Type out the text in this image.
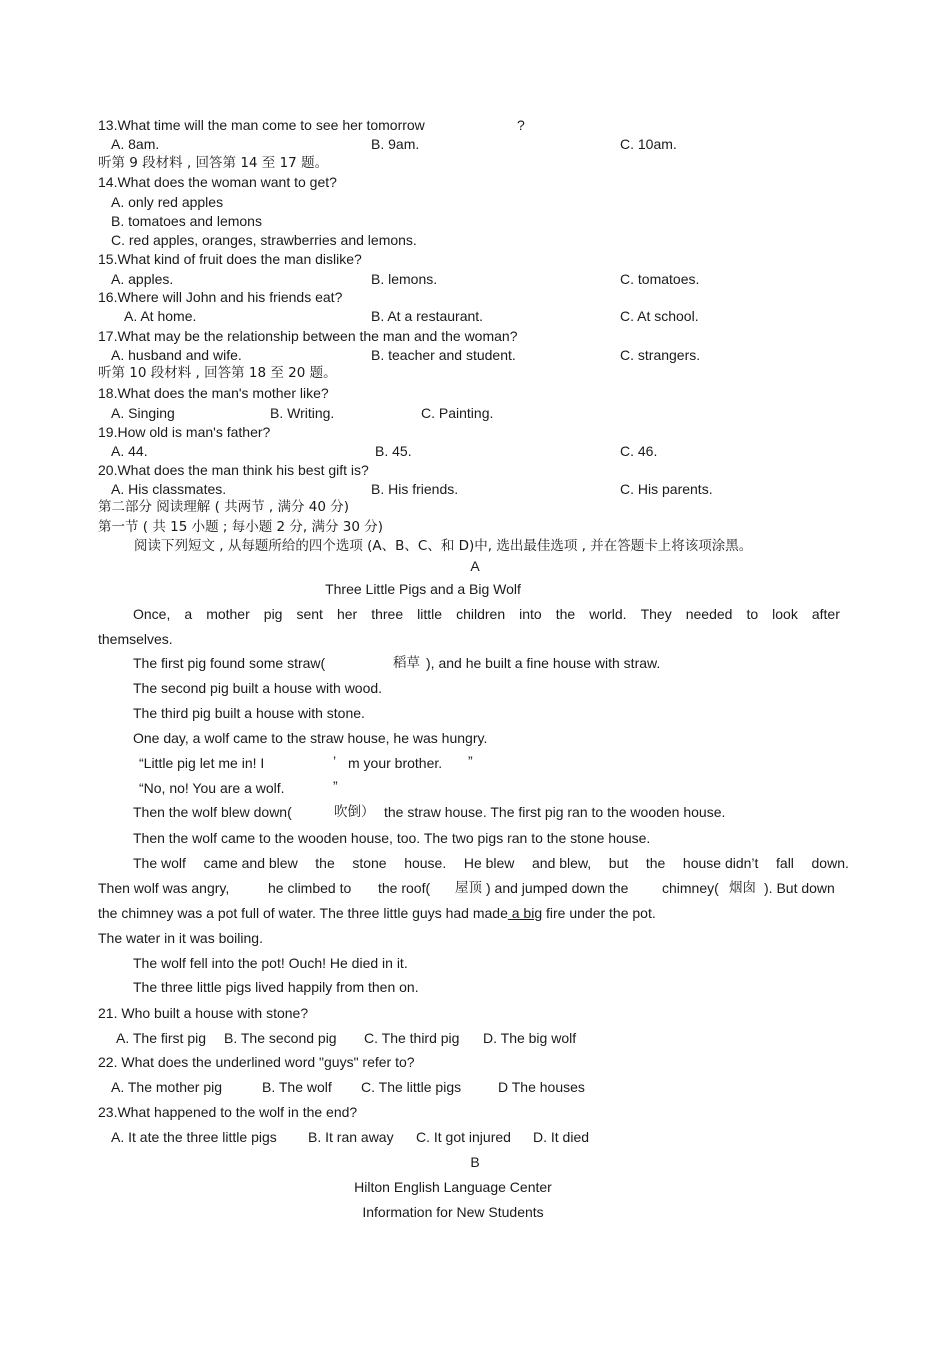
13.What time will the man come to see her tomorrow	?
A. 8am.	B. 9am.	C. 10am.
听第 9 段材料 , 回答第 14 至 17 题。
14.What does the woman want to get?
A. only red apples
B. tomatoes and lemons
C. red apples, oranges, strawberries and lemons.
15.What kind of fruit does the man dislike?
A. apples.	B. lemons.	C. tomatoes.
16.Where will John and his friends eat?
A. At home.	B. At a restaurant.	C. At school.
17.What may be the relationship between the man and the woman?
A. husband and wife.	B. teacher and student.	C. strangers.
听第 10 段材料 , 回答第 18 至 20 题。
18.What does the man's mother like?
A. Singing	B. Writing.	C. Painting.
19.How old is man's father?
A. 44.	B. 45.	C. 46.
20.What does the man think his best gift is?
A. His classmates.	B. His friends.	C. His parents.
第二部分 阅读理解 ( 共两节 , 满分 40 分)
第一节 ( 共 15 小题 ; 每小题 2 分, 满分 30 分)
阅读下列短文 , 从每题所给的四个选项 (A、B、C、和 D)中, 选出最佳选项 , 并在答题卡上将该项涂黑。
A
Three Little Pigs and a Big Wolf
Once, a mother pig sent her three little children into the world. They needed to look after
themselves.
The first pig found some straw(	稻草 ), and he built a fine house with straw.
The second pig built a house with wood.
The third pig built a house with stone.
One day, a wolf came to the straw house, he was hungry.
“Little pig let me in! I	’ m your brother. ”
“No, no! You are a wolf.	”
Then the wolf blew down(	吹倒） the straw house. The first pig ran to the wooden house.
Then the wolf came to the wooden house, too. The two pigs ran to the stone house.
The wolf came and blew the stone house. He blew and blew, but the house didn’t fall down.
Then wolf was angry,	he climbed to the roof( 屋顶 ) and jumped down the chimney( 烟囱 ). But down
the chimney was a pot full of water. The three little guys had made a big fire under the pot.
The water in it was boiling.
The wolf fell into the pot! Ouch! He died in it.
The three little pigs lived happily from then on.
21. Who built a house with stone?
A. The first pig B. The second pig C. The third pig D. The big wolf
22. What does the underlined word "guys" refer to?
A. The mother pig	B. The wolf C. The little pigs	D The houses
23.What happened to the wolf in the end?
A. It ate the three little pigs B. It ran away C. It got injured D. It died
B
Hilton English Language Center
Information for New Students
